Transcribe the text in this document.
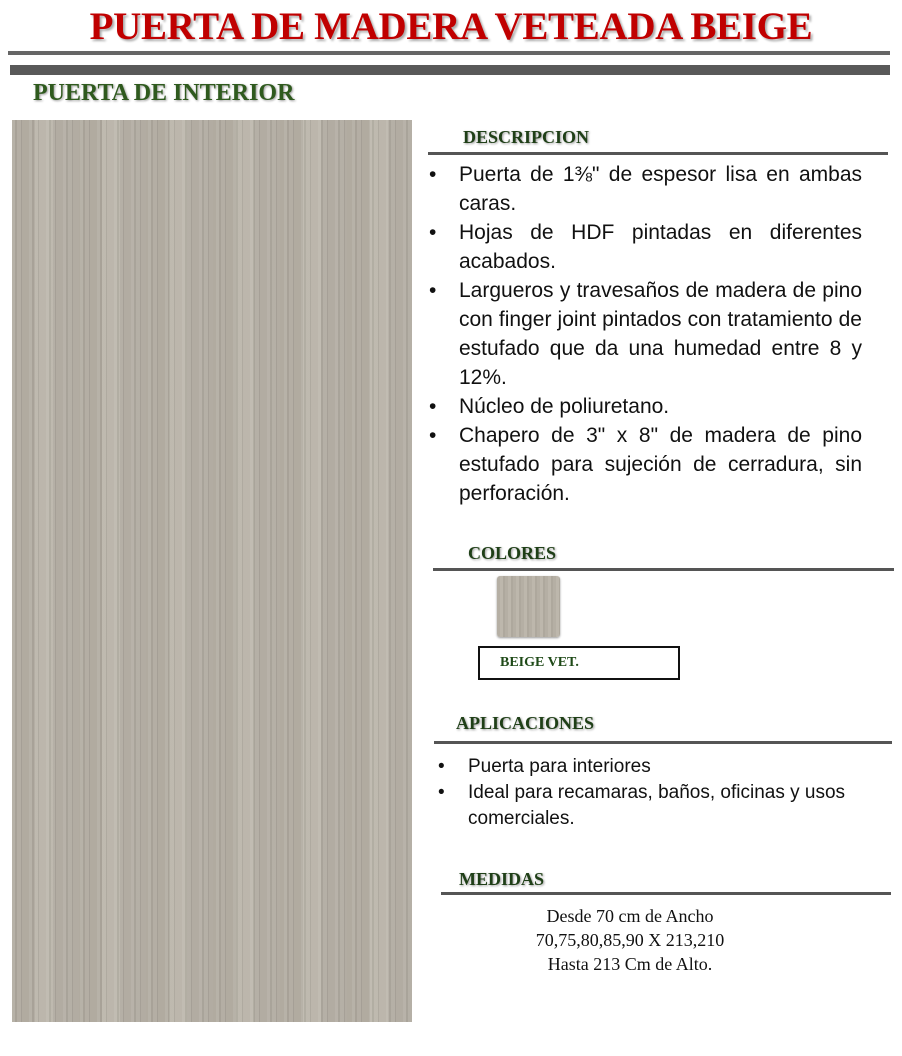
PUERTA DE MADERA VETEADA BEIGE
PUERTA DE INTERIOR
DESCRIPCION
• Puerta de 1⅜" de espesor lisa en ambas caras.
• Hojas de HDF pintadas en diferentes acabados.
• Largueros y travesaños de madera de pino con finger joint pintados con tratamiento de estufado que da una humedad entre 8 y 12%.
• Núcleo de poliuretano.
• Chapero de 3" x 8" de madera de pino estufado para sujeción de cerradura, sin perforación.
COLORES
BEIGE VET.
APLICACIONES
• Puerta para interiores
• Ideal para recamaras, baños, oficinas y usos comerciales.
MEDIDAS
Desde 70 cm de Ancho
70,75,80,85,90 X 213,210
Hasta 213 Cm de Alto.
